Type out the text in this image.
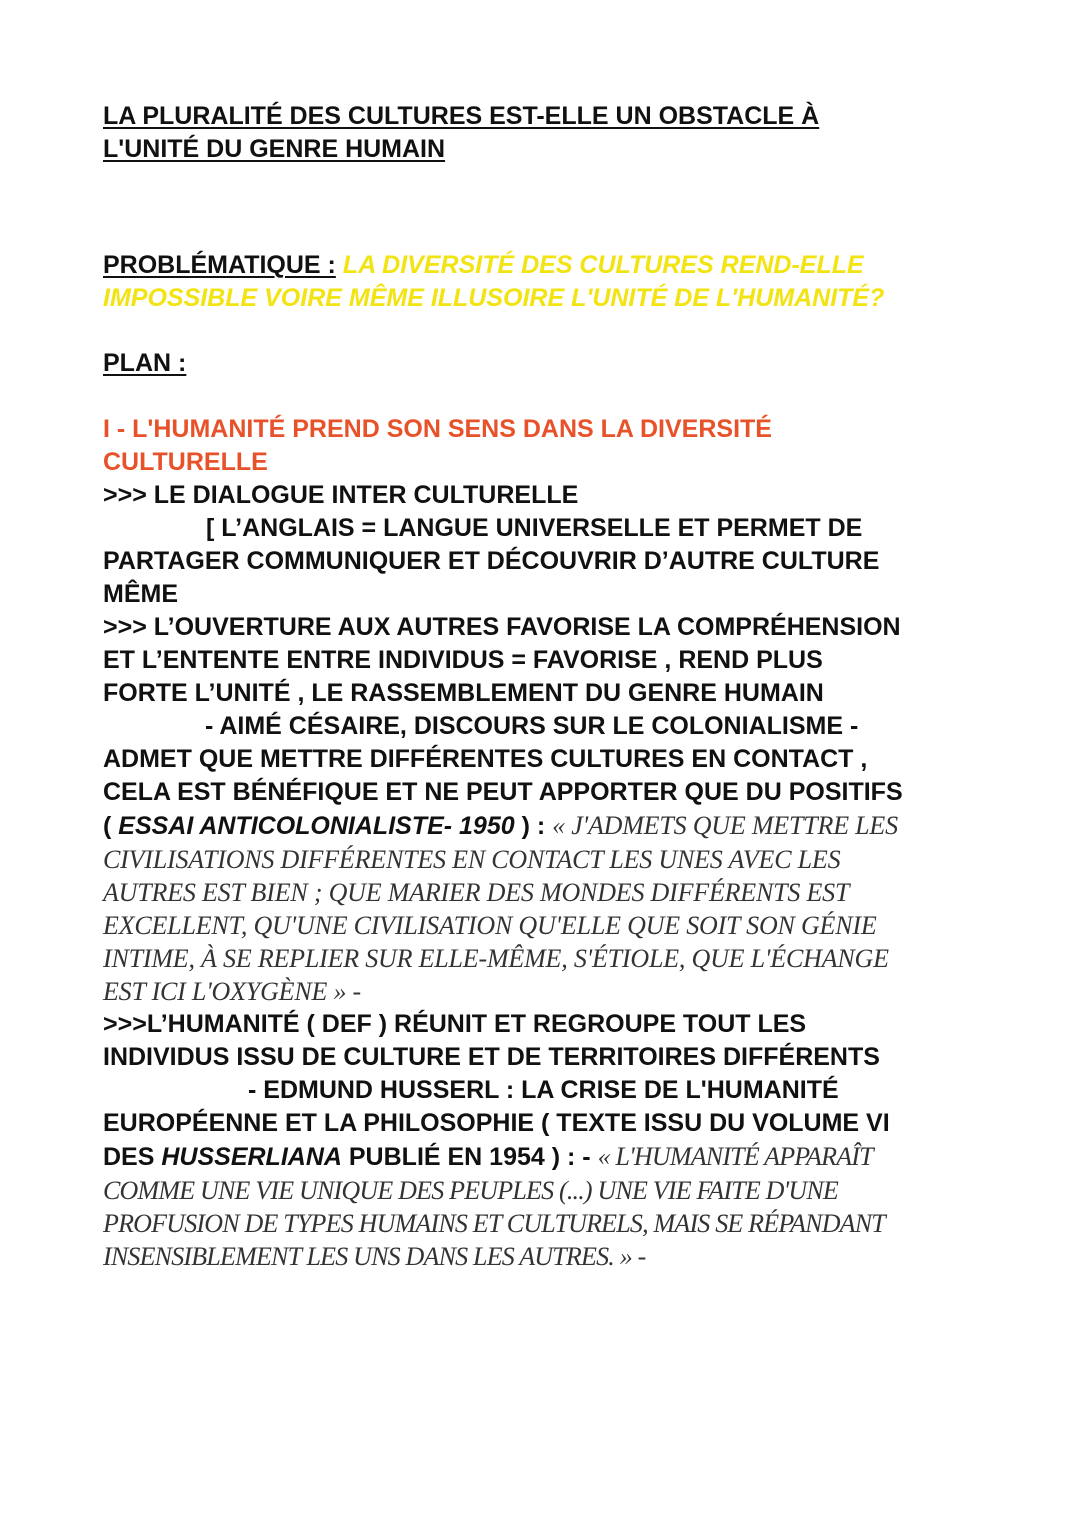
LA PLURALITÉ DES CULTURES EST-ELLE UN OBSTACLE À
L'UNITÉ DU GENRE HUMAIN
PROBLÉMATIQUE : LA DIVERSITÉ DES CULTURES REND-ELLE
IMPOSSIBLE VOIRE MÊME ILLUSOIRE L'UNITÉ DE L'HUMANITÉ?
PLAN :
I - L'HUMANITÉ PREND SON SENS DANS LA DIVERSITÉ
CULTURELLE
>>> LE DIALOGUE INTER CULTURELLE
[ L’ANGLAIS = LANGUE UNIVERSELLE ET PERMET DE
PARTAGER COMMUNIQUER ET DÉCOUVRIR D’AUTRE CULTURE
MÊME
>>> L’OUVERTURE AUX AUTRES FAVORISE LA COMPRÉHENSION
ET L’ENTENTE ENTRE INDIVIDUS = FAVORISE , REND PLUS
FORTE L’UNITÉ , LE RASSEMBLEMENT DU GENRE HUMAIN
- AIMÉ CÉSAIRE, DISCOURS SUR LE COLONIALISME -
ADMET QUE METTRE DIFFÉRENTES CULTURES EN CONTACT ,
CELA EST BÉNÉFIQUE ET NE PEUT APPORTER QUE DU POSITIFS
( ESSAI ANTICOLONIALISTE- 1950 ) : « J'ADMETS QUE METTRE LES
CIVILISATIONS DIFFÉRENTES EN CONTACT LES UNES AVEC LES
AUTRES EST BIEN ; QUE MARIER DES MONDES DIFFÉRENTS EST
EXCELLENT, QU'UNE CIVILISATION QU'ELLE QUE SOIT SON GÉNIE
INTIME, À SE REPLIER SUR ELLE-MÊME, S'ÉTIOLE, QUE L'ÉCHANGE
EST ICI L'OXYGÈNE » -
>>>L’HUMANITÉ ( DEF ) RÉUNIT ET REGROUPE TOUT LES
INDIVIDUS ISSU DE CULTURE ET DE TERRITOIRES DIFFÉRENTS
- EDMUND HUSSERL : LA CRISE DE L'HUMANITÉ
EUROPÉENNE ET LA PHILOSOPHIE ( TEXTE ISSU DU VOLUME VI
DES HUSSERLIANA PUBLIÉ EN 1954 ) : - « L'HUMANITÉ APPARAÎT
COMME UNE VIE UNIQUE DES PEUPLES (...) UNE VIE FAITE D'UNE
PROFUSION DE TYPES HUMAINS ET CULTURELS, MAIS SE RÉPANDANT
INSENSIBLEMENT LES UNS DANS LES AUTRES. » -
